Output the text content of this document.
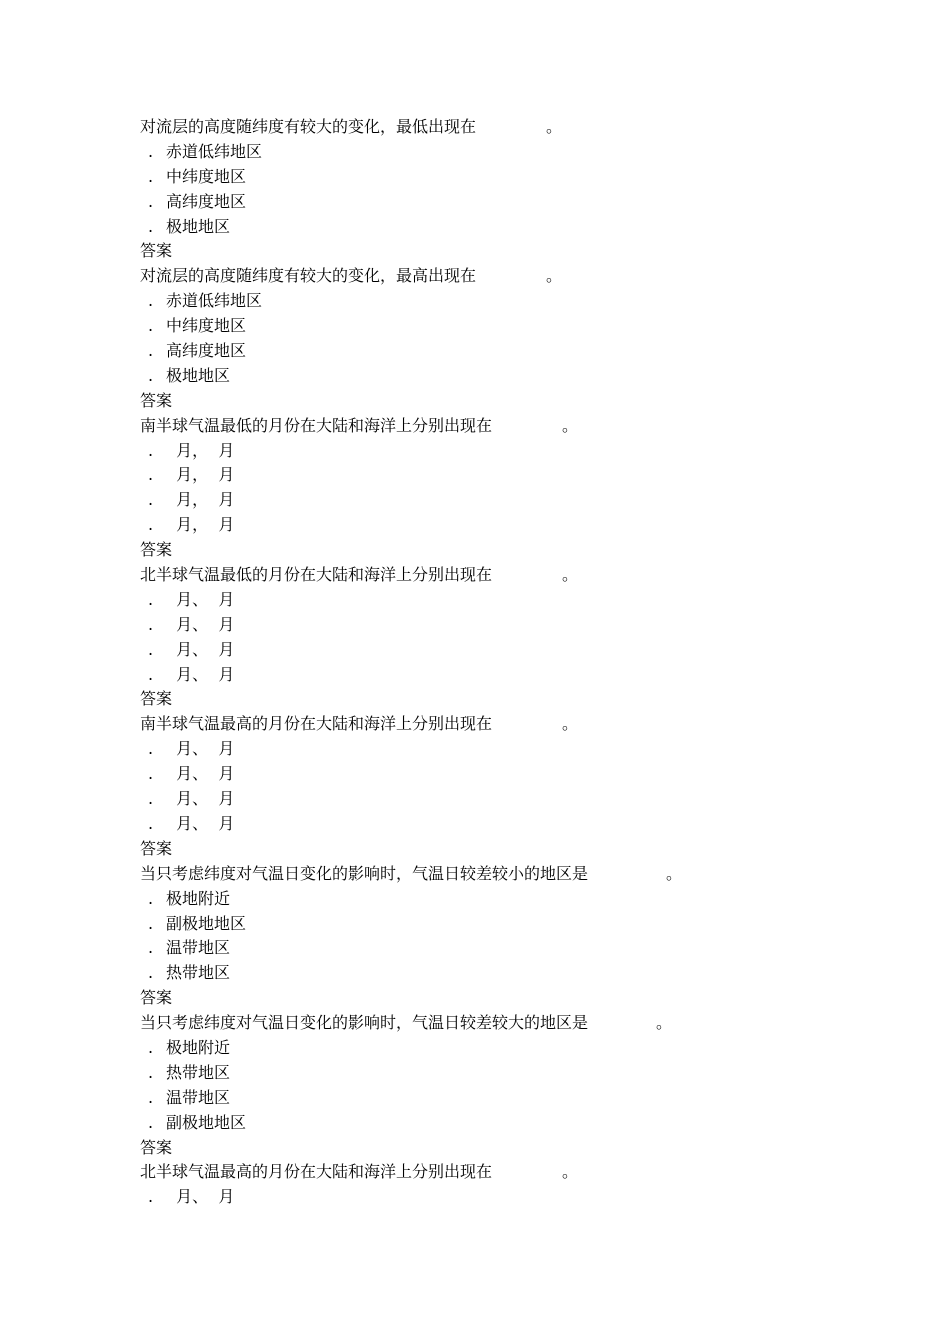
对流层的高度随纬度有较大的变化，最低出现在	。
. 赤道低纬地区
. 中纬度地区
. 高纬度地区
. 极地地区
答案
对流层的高度随纬度有较大的变化，最高出现在	。
. 赤道低纬地区
. 中纬度地区
. 高纬度地区
. 极地地区
答案
南半球气温最低的月份在大陆和海洋上分别出现在	。
.  月，  月
.  月，  月
.  月，  月
.  月，  月
答案
北半球气温最低的月份在大陆和海洋上分别出现在	。
.  月、  月
.  月、  月
.  月、  月
.  月、  月
答案
南半球气温最高的月份在大陆和海洋上分别出现在	。
.  月、  月
.  月、  月
.  月、  月
.  月、  月
答案
当只考虑纬度对气温日变化的影响时，气温日较差较小的地区是	。
. 极地附近
. 副极地地区
. 温带地区
. 热带地区
答案
当只考虑纬度对气温日变化的影响时，气温日较差较大的地区是	。
. 极地附近
. 热带地区
. 温带地区
. 副极地地区
答案
北半球气温最高的月份在大陆和海洋上分别出现在	。
.  月、  月
